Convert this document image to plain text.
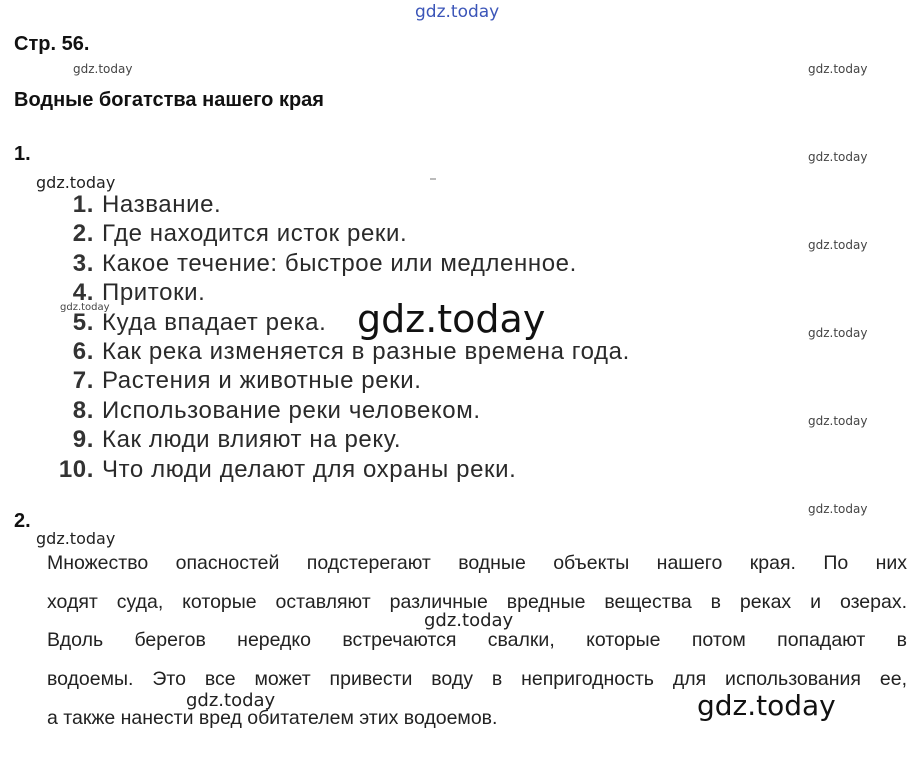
gdz.today
Стр. 56.
gdz.today	gdz.today
gdz.today
gdz.today
gdz.today
gdz.today
gdz.today
gdz.today
Водные богатства нашего края
1.
gdz.today
1. Название.
2. Где находится исток реки.
3. Какое течение: быстрое или медленное.
4. Притоки.
5. Куда впадает река.
6. Как река изменяется в разные времена года.
7. Растения и животные реки.
8. Использование реки человеком.
9. Как люди влияют на реку.
10. Что люди делают для охраны реки.
gdz.today
2.
gdz.today
Множество опасностей подстерегают водные объекты нашего края. По них
ходят суда, которые оставляют различные вредные вещества в реках и озерах.
Вдоль берегов нередко встречаются свалки, которые потом попадают в
водоемы. Это все может привести воду в непригодность для использования ее,
а также нанести вред обитателем этих водоемов.
gdz.today
gdz.today	gdz.today
